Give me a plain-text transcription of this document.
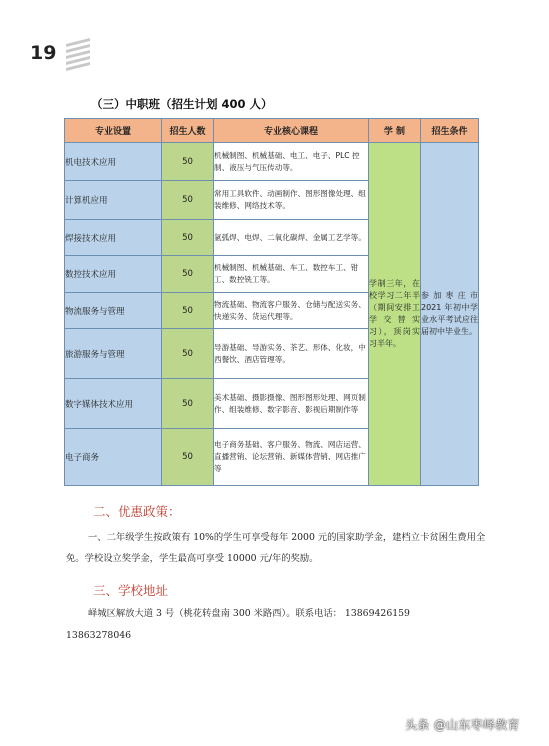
19
（三）中职班（招生计划 400 人）
专业设置	招生人数	专业核心课程	学 制	招生条件
机电技术应用	50	机械制图、机械基础、电工、电子、PLC 控制、液压与气压传动等。	学制三年，在校学习二年半（期间安排工学交替实习），顶岗实习半年。	参加枣庄市 2021 年初中学业水平考试应往届初中毕业生。
计算机应用	50	常用工具软件、动画制作、图形图像处理、组装维修、网络技术等。		
焊接技术应用	50	氩弧焊、电焊、二氧化碳焊、金属工艺学等。		
数控技术应用	50	机械制图、机械基础、车工、数控车工、钳工、数控铣工等。		
物流服务与管理	50	物流基础、物流客户服务、仓储与配送实务、快递实务、货运代理等。		
旅游服务与管理	50	导游基础、导游实务、茶艺、形体、化妆，中西餐饮、酒店管理等。		
数字媒体技术应用	50	美术基础、摄影摄像、图形图形处理、网页制作、组装维修、数字影音、影视后期制作等		
电子商务	50	电子商务基础、客户服务、物流、网店运营、直播营销、论坛营销、新媒体营销、网店推广等		
二、优惠政策：
一、二年级学生按政策有 10%的学生可享受每年 2000 元的国家助学金，建档立卡贫困生费用全免。学校设立奖学金，学生最高可享受 10000 元/年的奖励。
三、学校地址
峄城区解放大道 3 号（桃花转盘南 300 米路西）。联系电话： 13869426159
13863278046
头条 @山东枣峄教育
